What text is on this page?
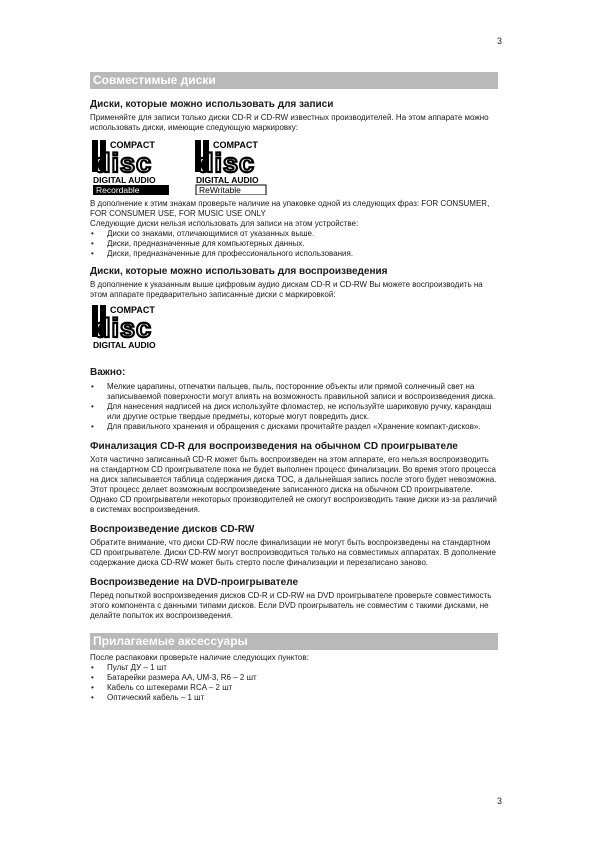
3
Совместимые диски
Диски, которые можно использовать для записи

Применяйте для записи только диски CD-R и CD-RW известных производителей. На этом аппарате можно использовать диски, имеющие следующую маркировку:

COMPACT
disc
DIGITAL AUDIO
Recordable
COMPACT
disc
DIGITAL AUDIO
ReWritable

В дополнение к этим знакам проверьте наличие на упаковке одной из следующих фраз: FOR CONSUMER, FOR CONSUMER USE, FOR MUSIC USE ONLY

Следующие диски нельзя использовать для записи на этом устройстве:

• Диски со знаками, отличающимися от указанных выше.
• Диски, предназначенные для компьютерных данных.
• Диски, предназначенные для профессионального использования.
Диски, которые можно использовать для воспроизведения

В дополнение к указанным выше цифровым аудио дискам CD-R и CD-RW Вы можете воспроизводить на этом аппарате предварительно записанные диски с маркировкой:

COMPACT
disc
DIGITAL AUDIO
Важно:
• Мелкие царапины, отпечатки пальцев, пыль, посторонние объекты или прямой солнечный свет на записываемой поверхности могут влиять на возможность правильной записи и воспроизведения диска.
• Для нанесения надписей на диск используйте фломастер, не используйте шариковую ручку, карандаш или другие острые твердые предметы, которые могут повредить диск.
• Для правильного хранения и обращения с дисками прочитайте раздел «Хранение компакт-дисков».
Финализация CD-R для воспроизведения на обычном CD проигрывателе

Хотя частично записанный CD-R может быть воспроизведен на этом аппарате, его нельзя воспроизводить на стандартном CD проигрывателе пока не будет выполнен процесс финализации. Во время этого процесса на диск записывается таблица содержания диска TOC, а дальнейшая запись после этого будет невозможна. Этот процесс делает возможным воспроизведение записанного диска на обычном CD проигрывателе. Однако CD проигрыватели некоторых производителей не смогут воспроизводить такие диски из-за различий в системах воспроизведения.

Воспроизведение дисков CD-RW

Обратите внимание, что диски CD-RW после финализации не могут быть воспроизведены на стандартном CD проигрывателе. Диски CD-RW могут воспроизводиться только на совместимых аппаратах. В дополнение содержание диска CD-RW может быть стерто после финализации и перезаписано заново.

Воспроизведение на DVD-проигрывателе

Перед попыткой воспроизведения дисков CD-R и CD-RW на DVD проигрывателе проверьте совместимость этого компонента с данными типами дисков. Если DVD проигрыватель не совместим с такими дисками, не делайте попыток их воспроизведения.

Прилагаемые аксессуары

После распаковки проверьте наличие следующих пунктов:

• Пульт ДУ – 1 шт
• Батарейки размера AA, UM-3, R6 – 2 шт
• Кабель со штекерами RCA – 2 шт
• Оптический кабель – 1 шт
3
